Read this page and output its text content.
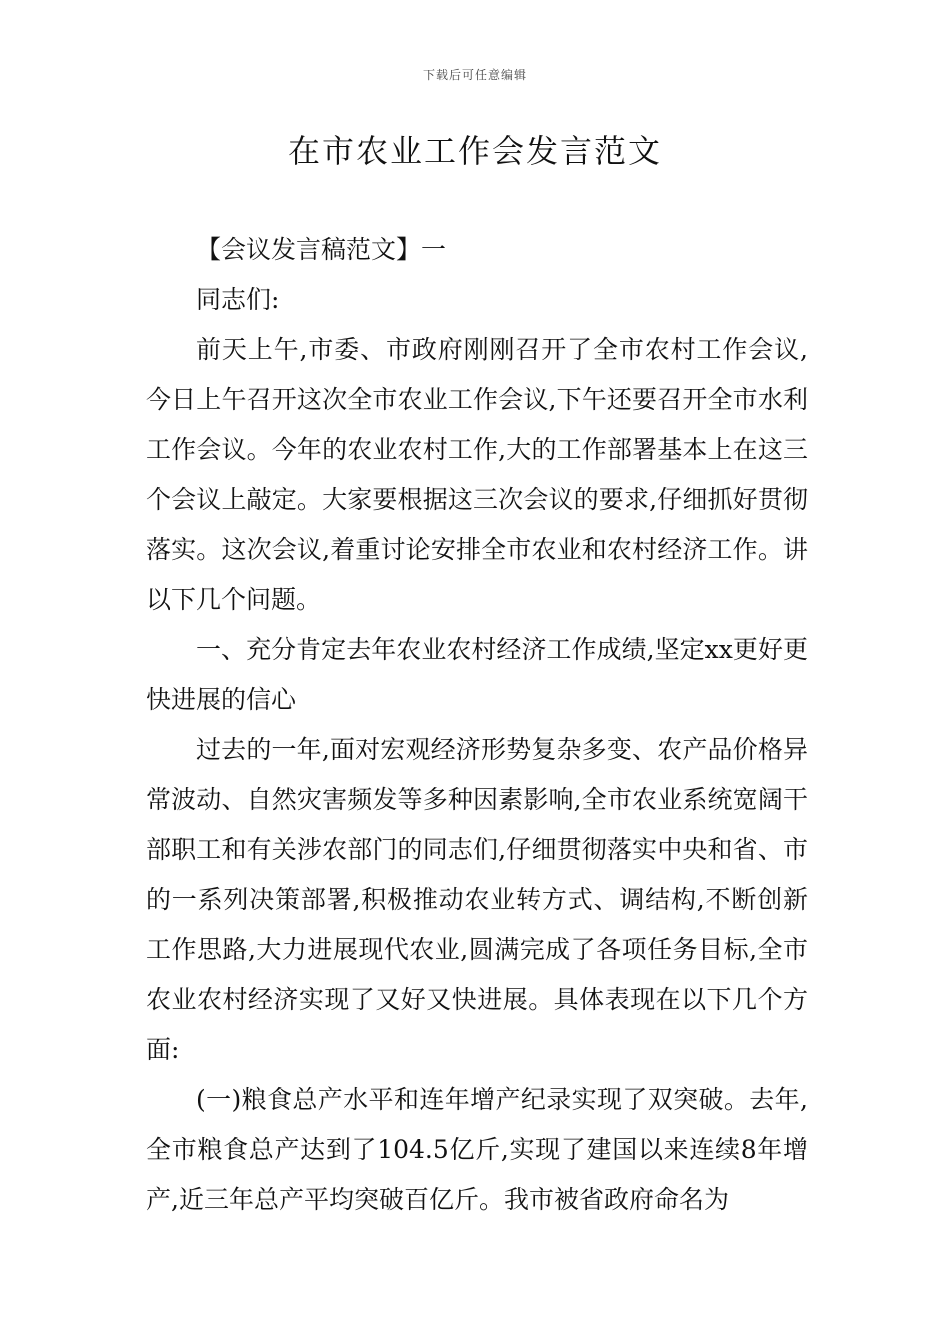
下载后可任意编辑
在市农业工作会发言范文

【会议发言稿范文】一

同志们:

前天上午,市委、市政府刚刚召开了全市农村工作会议,今日上午召开这次全市农业工作会议,下午还要召开全市水利工作会议。今年的农业农村工作,大的工作部署基本上在这三个会议上敲定。大家要根据这三次会议的要求,仔细抓好贯彻落实。这次会议,着重讨论安排全市农业和农村经济工作。讲以下几个问题。

一、充分肯定去年农业农村经济工作成绩,坚定xx更好更快进展的信心

过去的一年,面对宏观经济形势复杂多变、农产品价格异常波动、自然灾害频发等多种因素影响,全市农业系统宽阔干部职工和有关涉农部门的同志们,仔细贯彻落实中央和省、市的一系列决策部署,积极推动农业转方式、调结构,不断创新工作思路,大力进展现代农业,圆满完成了各项任务目标,全市农业农村经济实现了又好又快进展。具体表现在以下几个方面:

(一)粮食总产水平和连年增产纪录实现了双突破。去年,全市粮食总产达到了104.5亿斤,实现了建国以来连续8年增产,近三年总产平均突破百亿斤。我市被省政府命名为
